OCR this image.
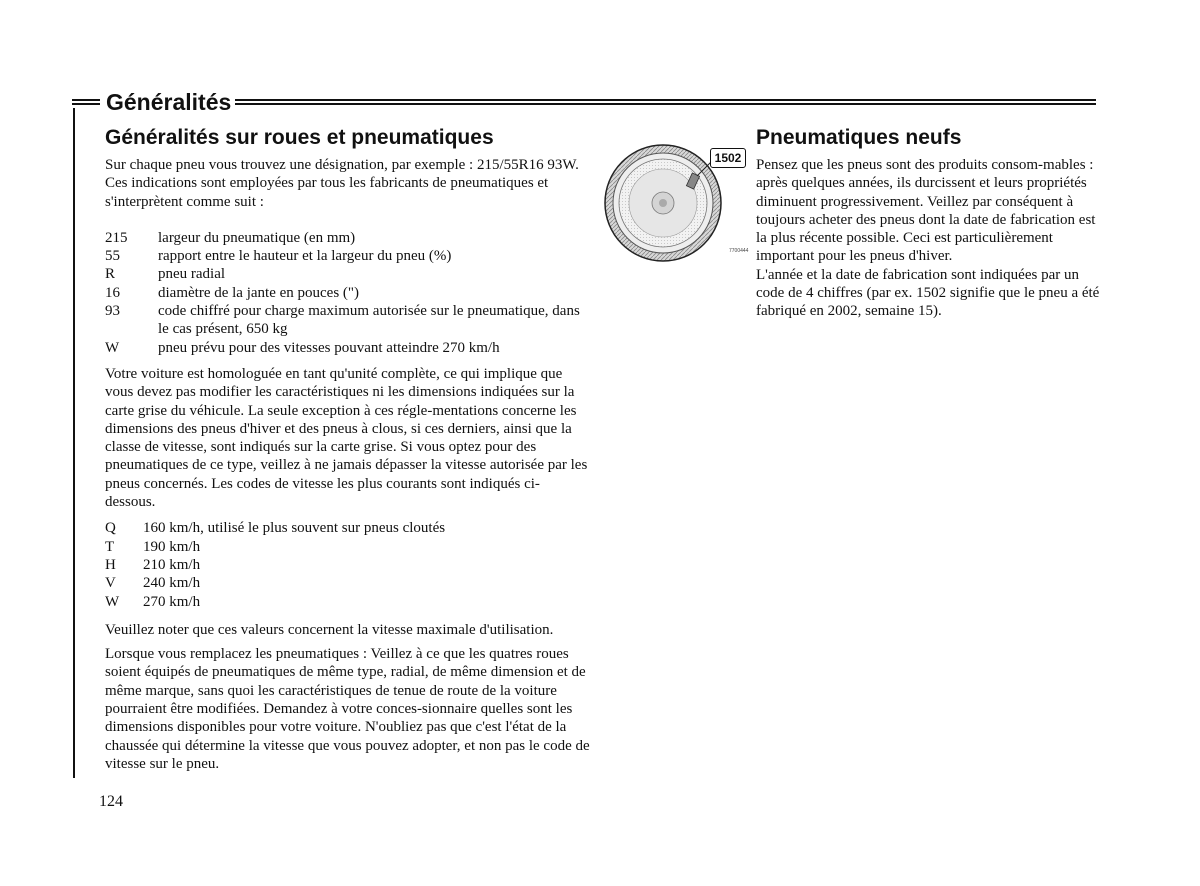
Généralités
Généralités sur roues et pneumatiques

Sur chaque pneu vous trouvez une désignation, par exemple : 215/55R16 93W. Ces indications sont employées par tous les fabricants de pneumatiques et s'interprètent comme suit :

215	largeur du pneumatique (en mm)
55	rapport entre le hauteur et la largeur du pneu (%)
R	pneu radial
16	diamètre de la jante en pouces (")
93	code chiffré pour charge maximum autorisée sur le pneumatique, dans le cas présent, 650 kg
W	pneu prévu pour des vitesses pouvant atteindre 270 km/h

Votre voiture est homologuée en tant qu'unité complète, ce qui implique que vous devez pas modifier les caractéristiques ni les dimensions indiquées sur la carte grise du véhicule. La seule exception à ces régle-mentations concerne les dimensions des pneus d'hiver et des pneus à clous, si ces derniers, ainsi que la classe de vitesse, sont indiqués sur la carte grise. Si vous optez pour des pneumatiques de ce type, veillez à ne jamais dépasser la vitesse autorisée par les pneus concernés. Les codes de vitesse les plus courants sont indiqués ci-dessous.

Q	160 km/h, utilisé le plus souvent sur pneus cloutés
T	190 km/h
H	210 km/h
V	240 km/h
W	270 km/h

Veuillez noter que ces valeurs concernent la vitesse maximale d'utilisation.

Lorsque vous remplacez les pneumatiques : Veillez à ce que les quatres roues soient équipés de pneumatiques de même type, radial, de même dimension et de même marque, sans quoi les caractéristiques de tenue de route de la voiture pourraient être modifiées. Demandez à votre conces-sionnaire quelles sont les dimensions disponibles pour votre voiture. N'oubliez pas que c'est l'état de la chaussée qui détermine la vitesse que vous pouvez adopter, et non pas le code de vitesse sur le pneu.

1502
7700444
Pneumatiques neufs

Pensez que les pneus sont des produits consom-mables : après quelques années, ils durcissent et leurs propriétés diminuent progressivement. Veillez par conséquent à toujours acheter des pneus dont la date de fabrication est la plus récente possible. Ceci est particulièrement important pour les pneus d'hiver.

L'année et la date de fabrication sont indiquées par un code de 4 chiffres (par ex. 1502 signifie que le pneu a été fabriqué en 2002, semaine 15).

124
